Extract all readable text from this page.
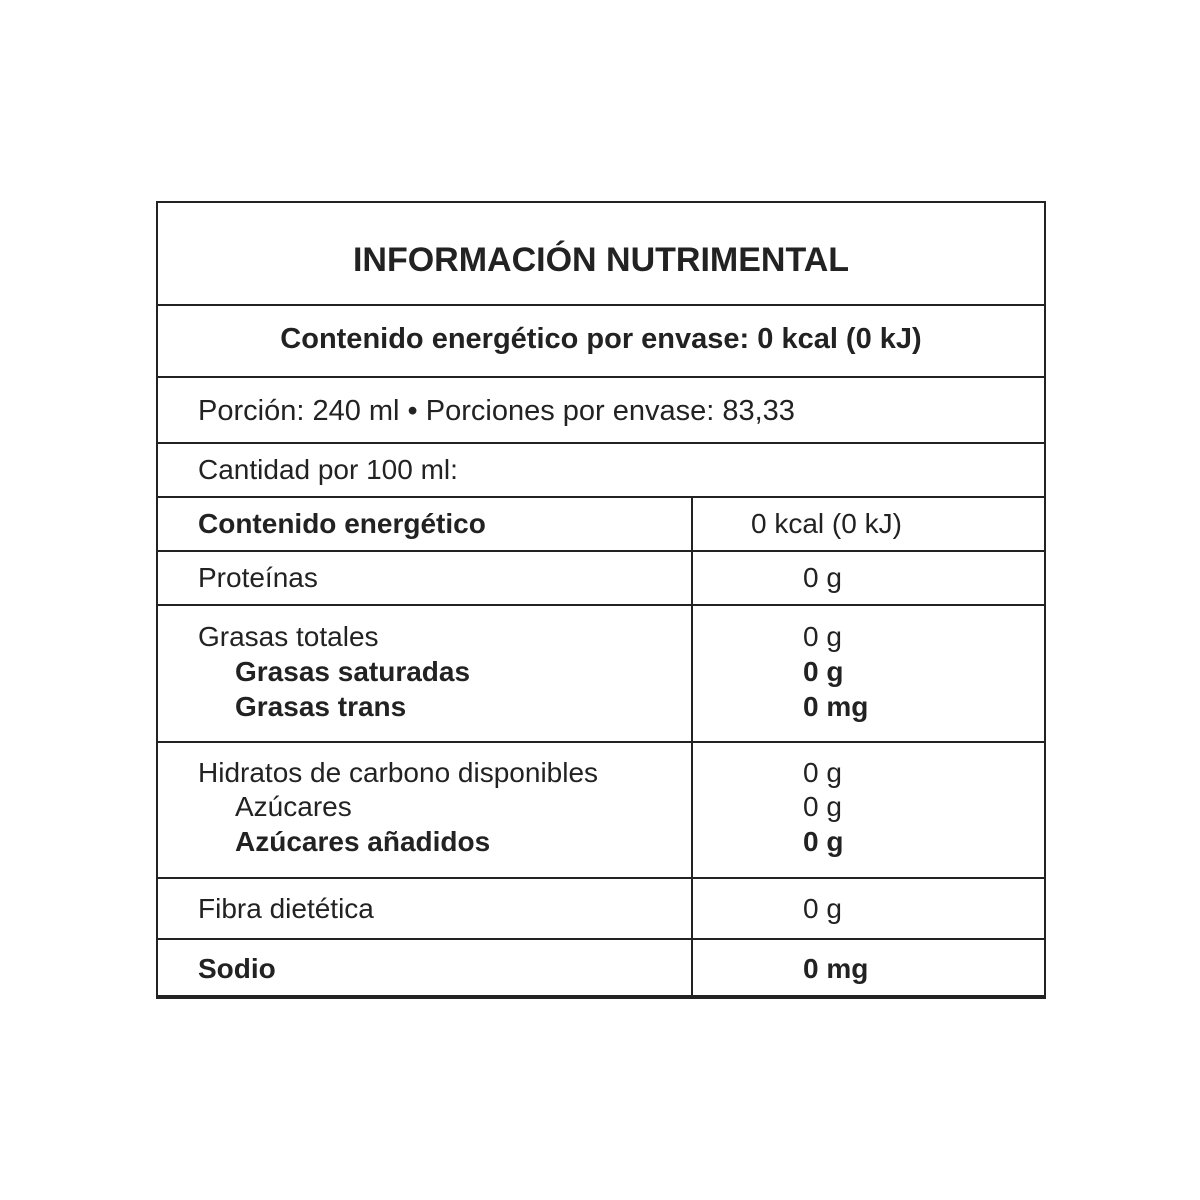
INFORMACIÓN NUTRIMENTAL
Contenido energético por envase: 0 kcal (0 kJ)
Porción: 240 ml • Porciones por envase: 83,33
Cantidad por 100 ml:
Contenido energético	0 kcal (0 kJ)
Proteínas	0 g
Grasas totales	0 g
Grasas saturadas	0 g
Grasas trans	0 mg
Hidratos de carbono disponibles	0 g
Azúcares	0 g
Azúcares añadidos	0 g
Fibra dietética	0 g
Sodio	0 mg
